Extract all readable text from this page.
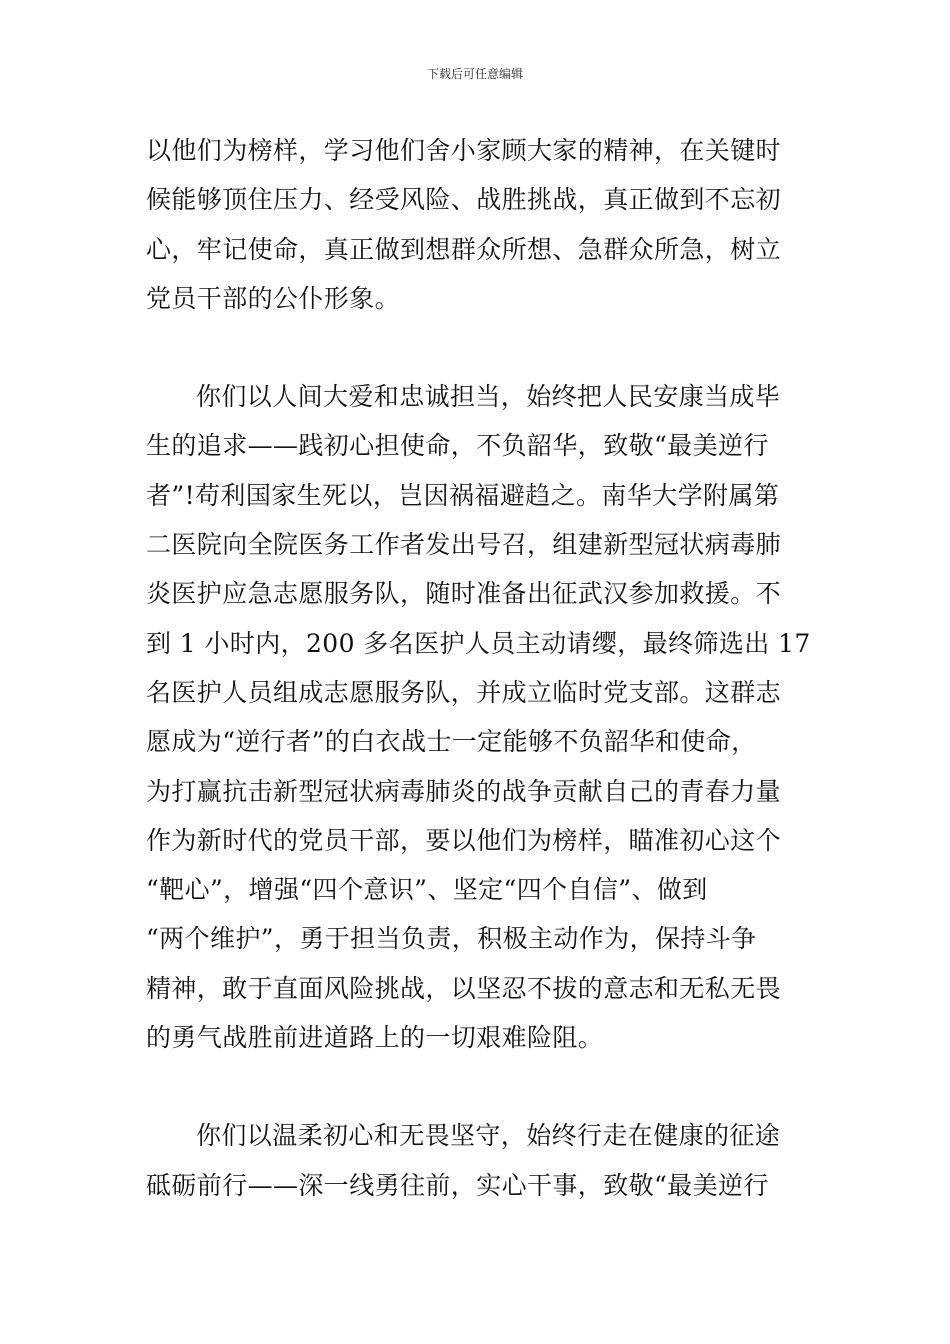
下载后可任意编辑
以他们为榜样，学习他们舍小家顾大家的精神，在关键时
候能够顶住压力、经受风险、战胜挑战，真正做到不忘初
心，牢记使命，真正做到想群众所想、急群众所急，树立
党员干部的公仆形象。
你们以人间大爱和忠诚担当，始终把人民安康当成毕
生的追求——践初心担使命，不负韶华，致敬“最美逆行
者”!苟利国家生死以，岂因祸福避趋之。南华大学附属第
二医院向全院医务工作者发出号召，组建新型冠状病毒肺
炎医护应急志愿服务队，随时准备出征武汉参加救援。不
到 1 小时内，200 多名医护人员主动请缨，最终筛选出 17
名医护人员组成志愿服务队，并成立临时党支部。这群志
愿成为“逆行者”的白衣战士一定能够不负韶华和使命，
为打赢抗击新型冠状病毒肺炎的战争贡献自己的青春力量
作为新时代的党员干部，要以他们为榜样，瞄准初心这个
“靶心”，增强“四个意识”、坚定“四个自信”、做到
“两个维护”，勇于担当负责，积极主动作为，保持斗争
精神，敢于直面风险挑战，以坚忍不拔的意志和无私无畏
的勇气战胜前进道路上的一切艰难险阻。
你们以温柔初心和无畏坚守，始终行走在健康的征途
砥砺前行——深一线勇往前，实心干事，致敬“最美逆行
